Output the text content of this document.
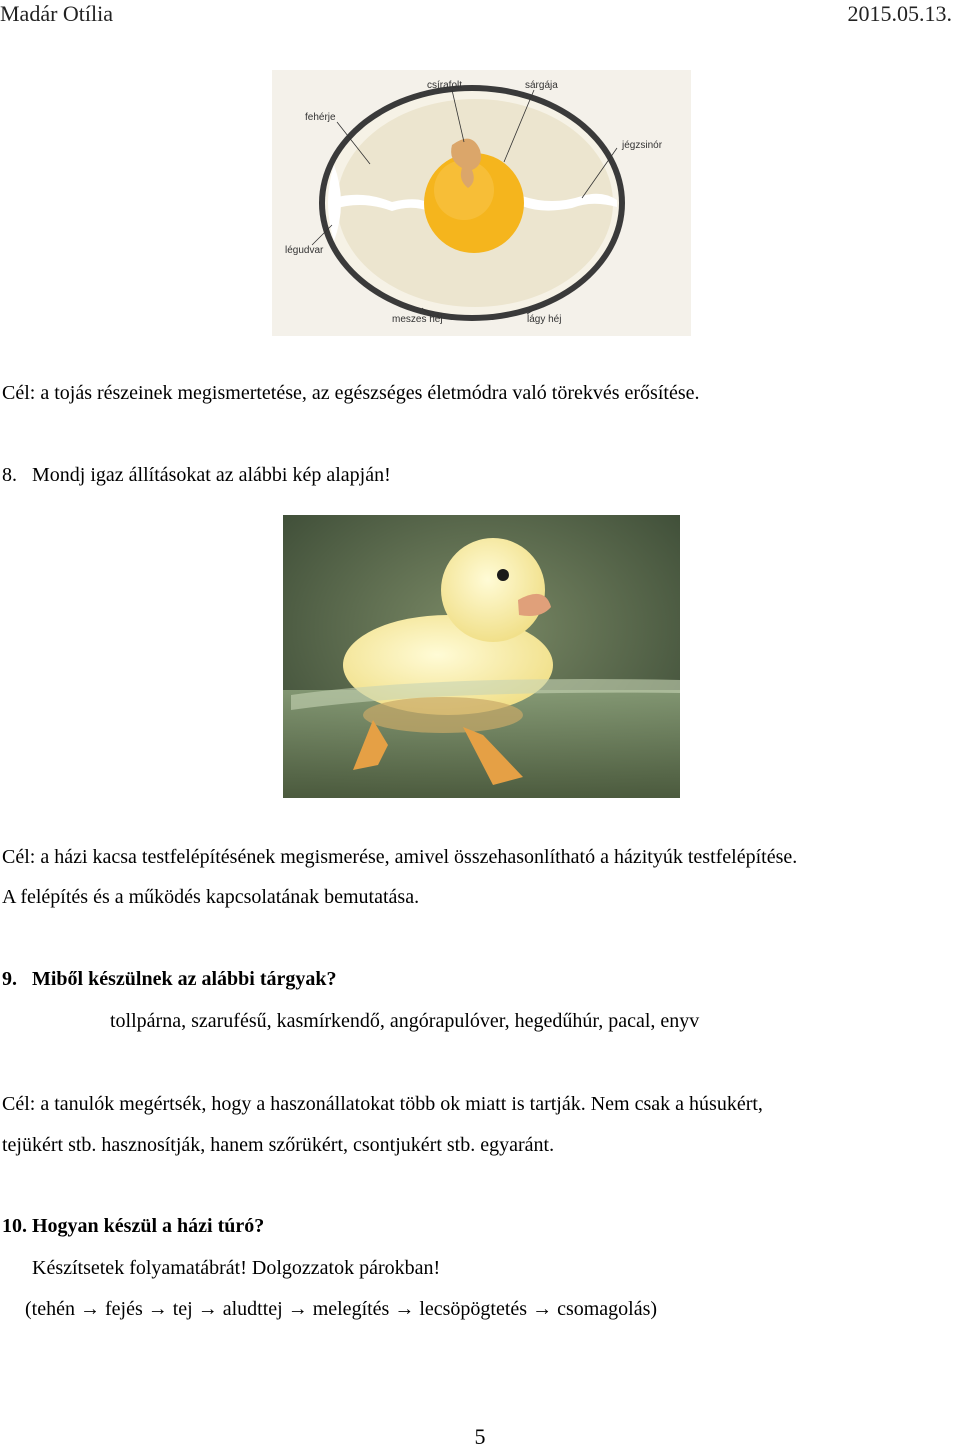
Madár Otília	2015.05.13.
csírafolt	sárgája
fehérje
jégzsinór
légudvar
meszes héj	lágy héj
Cél: a tojás részeinek megismertetése, az egészséges életmódra való törekvés erősítése.
8.   Mondj igaz állításokat az alábbi kép alapján!
Cél: a házi kacsa testfelépítésének megismerése, amivel összehasonlítható a házityúk testfelépítése.
A felépítés és a működés kapcsolatának bemutatása.
9.   Miből készülnek az alábbi tárgyak?
tollpárna, szarufésű, kasmírkendő, angórapulóver, hegedűhúr, pacal, enyv
Cél: a tanulók megértsék, hogy a haszonállatokat több ok miatt is tartják. Nem csak a húsukért,
tejükért stb. hasznosítják, hanem szőrükért, csontjukért stb. egyaránt.
10. Hogyan készül a házi túró?
Készítsetek folyamatábrát! Dolgozzatok párokban!
(tehén → fejés → tej → aludttej → melegítés → lecsöpögtetés → csomagolás)
5
